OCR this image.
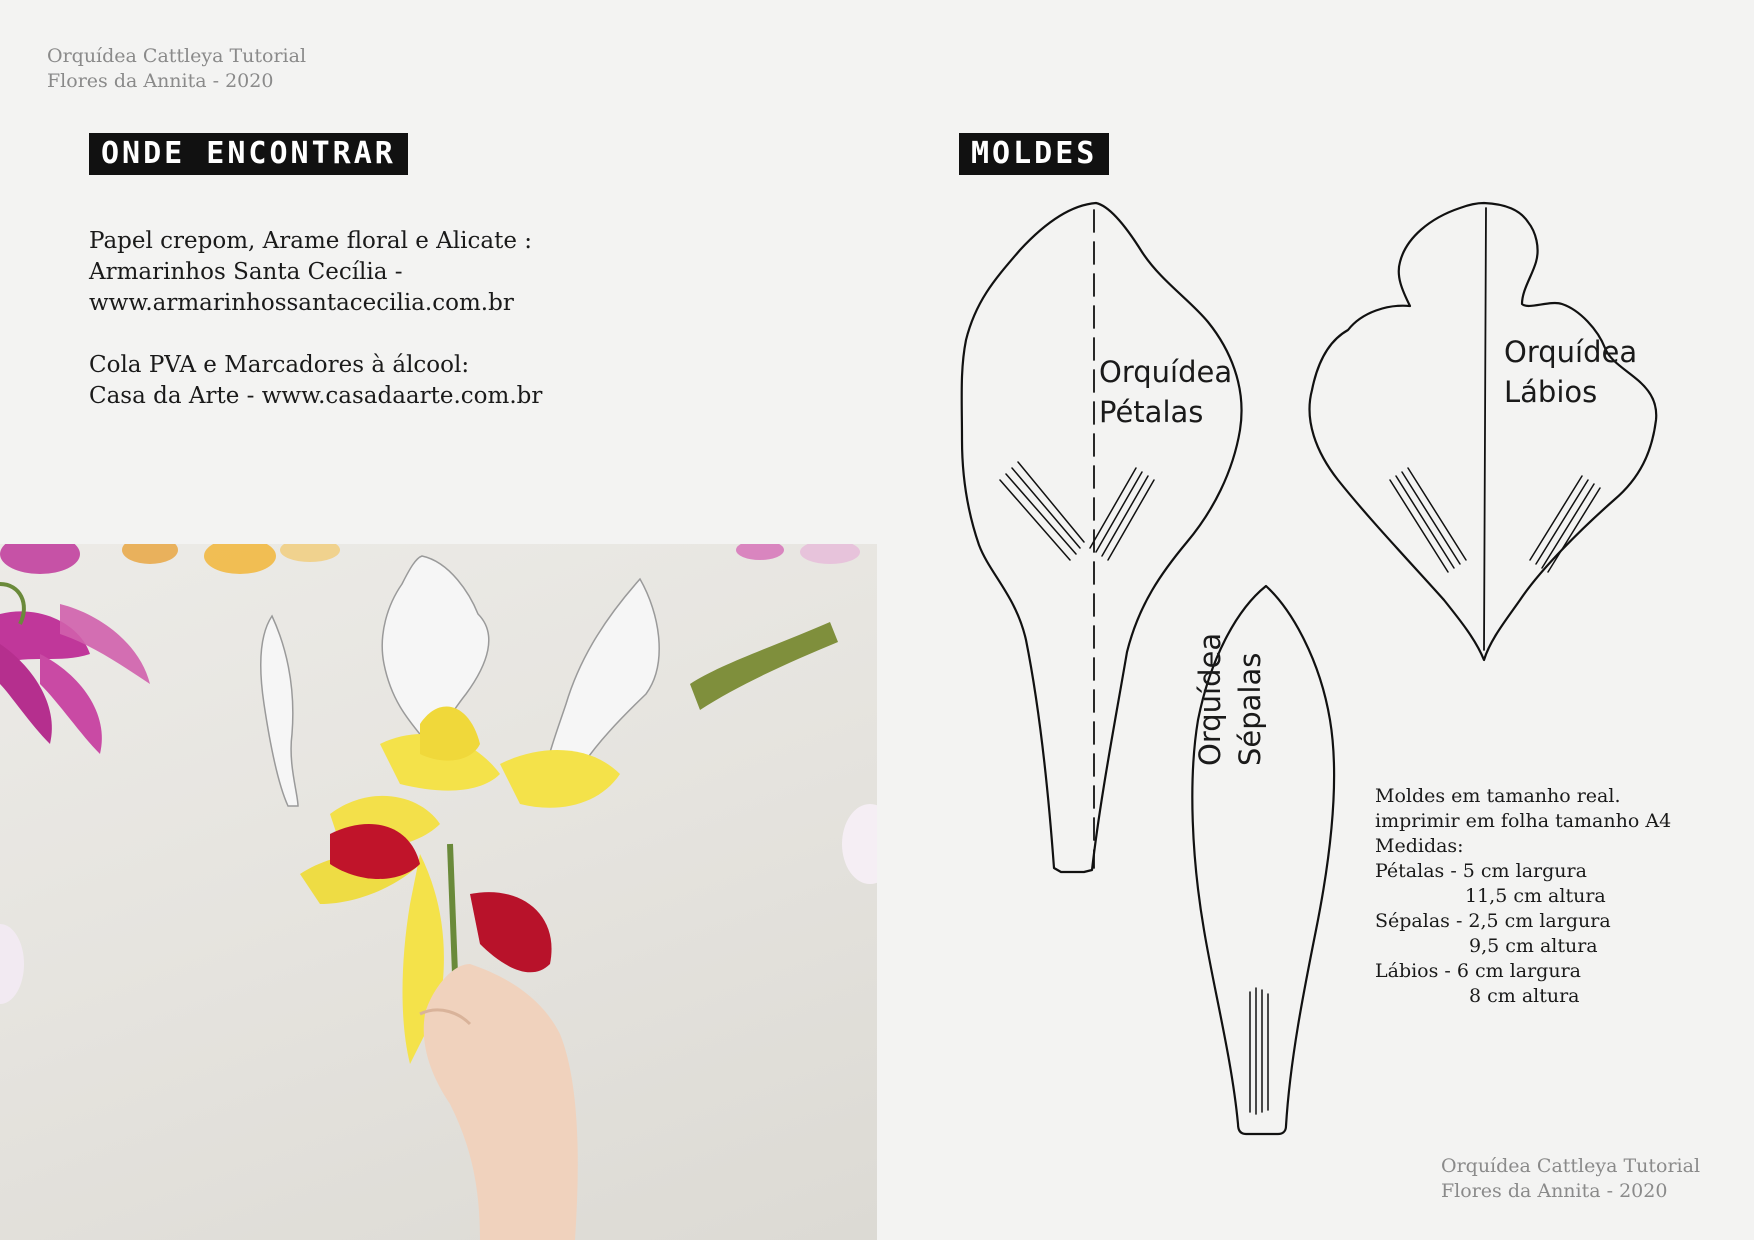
Orquídea Cattleya Tutorial
Flores da Annita - 2020
ONDE ENCONTRAR
Papel crepom, Arame floral e Alicate :
Armarinhos Santa Cecília -
www.armarinhossantacecilia.com.br
Cola PVA e Marcadores à álcool:
Casa da Arte - www.casadaarte.com.br
MOLDES
Orquídea
Pétalas
Orquídea
Lábios
Orquídea Sépalas
Moldes em tamanho real.
imprimir em folha tamanho A4
Medidas:
Pétalas - 5 cm largura
11,5 cm altura
Sépalas - 2,5 cm largura
9,5 cm altura
Lábios - 6 cm largura
8 cm altura
Orquídea Cattleya Tutorial
Flores da Annita - 2020
